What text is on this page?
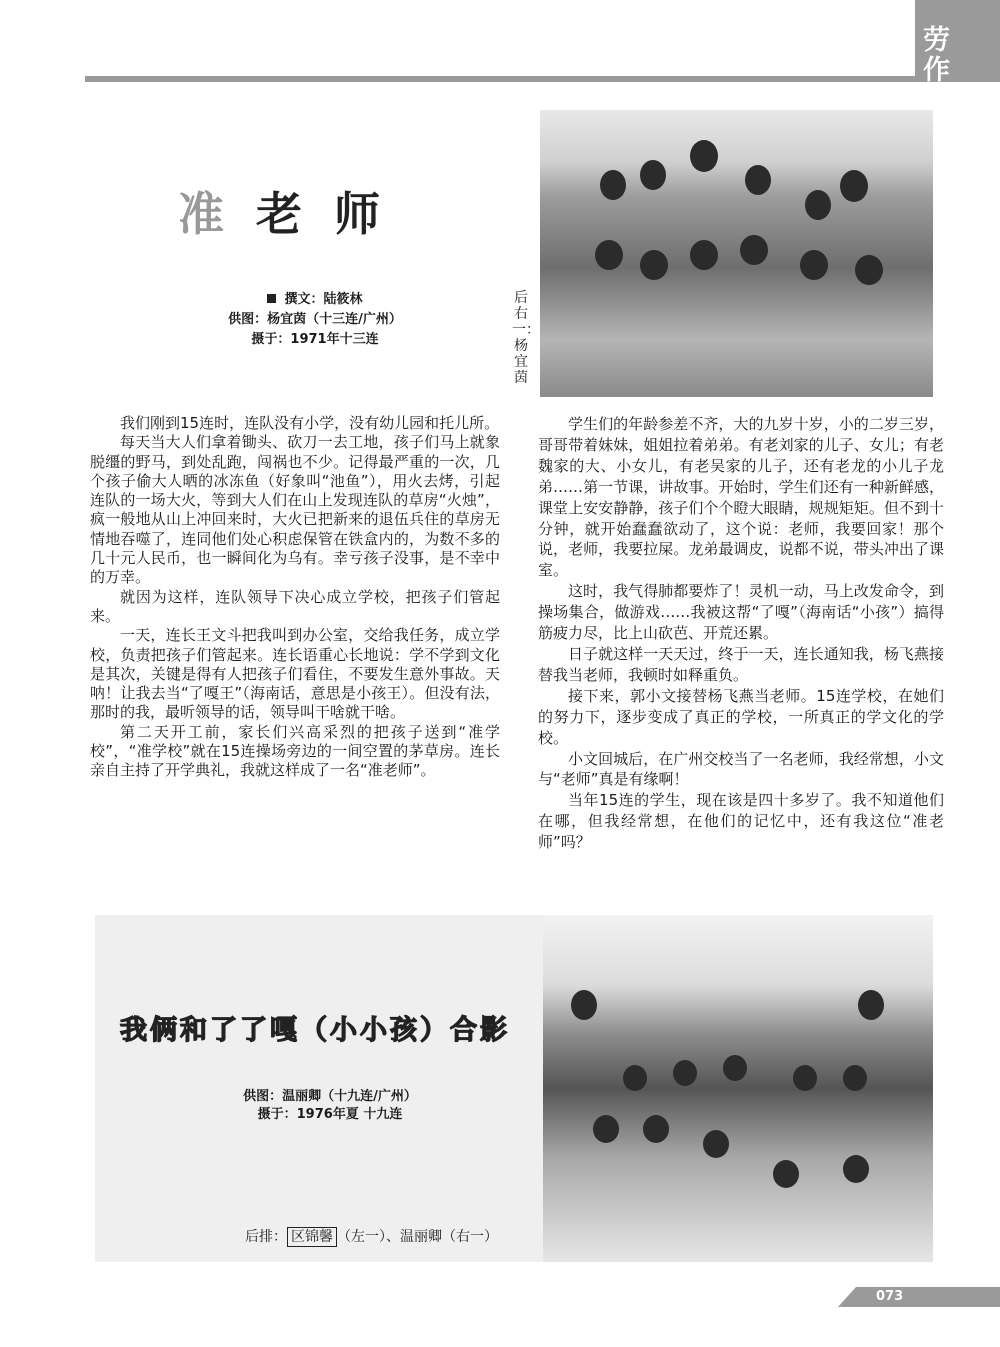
劳
作
准老师
撰文：陆筱林
供图：杨宜茵（十三连/广州）
摄于：1971年十三连
后右一：杨宜茵

我们刚到15连时，连队没有小学，没有幼儿园和托儿所。

每天当大人们拿着锄头、砍刀一去工地，孩子们马上就象脱缰的野马，到处乱跑，闯祸也不少。记得最严重的一次，几个孩子偷大人晒的冰冻鱼（好象叫“池鱼”），用火去烤，引起连队的一场大火，等到大人们在山上发现连队的草房“火烛”，疯一般地从山上冲回来时，大火已把新来的退伍兵住的草房无情地吞噬了，连同他们处心积虑保管在铁盒内的，为数不多的几十元人民币，也一瞬间化为乌有。幸亏孩子没事，是不幸中的万幸。

就因为这样，连队领导下决心成立学校，把孩子们管起来。

一天，连长王文斗把我叫到办公室，交给我任务，成立学校，负责把孩子们管起来。连长语重心长地说：学不学到文化是其次，关键是得有人把孩子们看住，不要发生意外事故。天呐！让我去当“了嘎王”（海南话，意思是小孩王）。但没有法，那时的我，最听领导的话，领导叫干啥就干啥。

第二天开工前，家长们兴高采烈的把孩子送到“准学校”，“准学校”就在15连操场旁边的一间空置的茅草房。连长亲自主持了开学典礼，我就这样成了一名“准老师”。

学生们的年龄参差不齐，大的九岁十岁，小的二岁三岁，哥哥带着妹妹，姐姐拉着弟弟。有老刘家的儿子、女儿；有老魏家的大、小女儿，有老吴家的儿子，还有老龙的小儿子龙弟……第一节课，讲故事。开始时，学生们还有一种新鲜感，课堂上安安静静，孩子们个个瞪大眼睛，规规矩矩。但不到十分钟，就开始蠢蠢欲动了，这个说：老师，我要回家！那个说，老师，我要拉屎。龙弟最调皮，说都不说，带头冲出了课室。

这时，我气得肺都要炸了！灵机一动，马上改发命令，到操场集合，做游戏……我被这帮“了嘎”（海南话“小孩”）搞得筋疲力尽，比上山砍芭、开荒还累。

日子就这样一天天过，终于一天，连长通知我，杨飞燕接替我当老师，我顿时如释重负。

接下来，郭小文接替杨飞燕当老师。15连学校，在她们的努力下，逐步变成了真正的学校，一所真正的学文化的学校。

小文回城后，在广州交校当了一名老师，我经常想，小文与“老师”真是有缘啊！

当年15连的学生，现在该是四十多岁了。我不知道他们在哪，但我经常想，在他们的记忆中，还有我这位“准老师”吗？

我俩和了了嘎（小小孩）合影
供图：温丽卿（十九连/广州）
摄于：1976年夏 十九连
后排： 区锦馨 （左一）、温丽卿（右一）
073
